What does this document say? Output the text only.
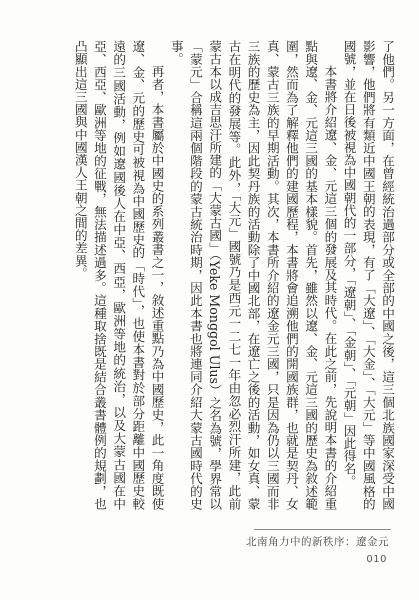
了他們。另一方面，在曾經統治過部分或全部的中國之後，這三個北族國家深受中國影響，他們將有類近中國王朝的表現，有了「大遼」、「大金」、「大元」等中國風格的國號，並在日後被視為中國朝代的一部分，「遼朝」、「金朝」、「元朝」因此得名。

本書將介紹遼、金、元這三個的發展及其時代。在此之前，先說明本書的介紹重點與遼、金、元這三國的基本樣貌。首先，雖然以遼、金、元這三國的歷史為敘述範圍，然而為了解釋他們的建國歷程，本書將會追溯他們的開國族群，也就是契丹、女真、蒙古三族的早期活動。其次，本書所介紹的遼金元三國，只是因為仍以三國而非三族的歷史為主，因此契丹族的活動除了中國北部，在遼亡之後的活動，如女真、蒙古在明代的發展等。此外，「大元」國號乃是西元一二七一年由忽必烈汗所建，此前蒙古本以成吉思汗所建的「大蒙古國」（Yeke Monggol Ulus）之名為號，學界常以「蒙元」合稱這兩個階段的蒙古統治時期，因此本書也將連同介紹大蒙古國時代的史事。

再者，本書屬於中國史的系列叢書之一，敘述重點乃為中國歷史，此一角度既使遼、金、元的歷史可被視為中國歷史的「時代」，也使本書對於部分距離中國歷史較遠的三國活動，例如遼國後人在中亞、西亞，歐洲等地的統治，以及大蒙古國在中亞、西亞、歐洲等地的征戰，無法描述過多。這種取捨既是結合叢書體例的規劃，也凸顯出這三國與中國漢人王朝之間的差異。

北南角力中的新秩序：遼金元
010
